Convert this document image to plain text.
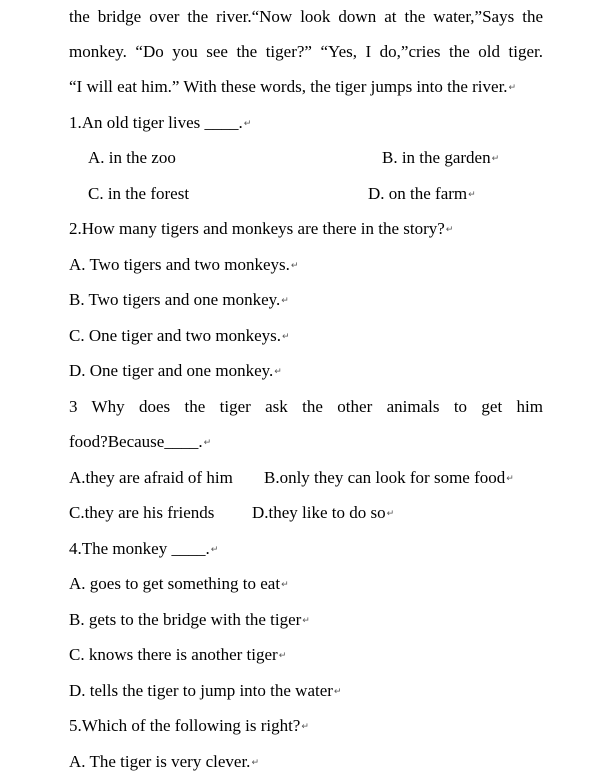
the bridge over the river.“Now look down at the water,”Says the
monkey. “Do you see the tiger?” “Yes, I do,”cries the old tiger.
“I will eat him.” With these words, the tiger jumps into the river.↵
1.An old tiger lives ____.↵
A. in the zoo	B. in the garden↵
C. in the forest	D. on the farm↵
2.How many tigers and monkeys are there in the story?↵
A. Two tigers and two monkeys.↵
B. Two tigers and one monkey.↵
C. One tiger and two monkeys.↵
D. One tiger and one monkey.↵
3 Why does the tiger ask the other animals to get him
food?Because____.↵
A.they are afraid of him B.only they can look for some food↵
C.they are his friends D.they like to do so↵
4.The monkey ____.↵
A. goes to get something to eat↵
B. gets to the bridge with the tiger↵
C. knows there is another tiger↵
D. tells the tiger to jump into the water↵
5.Which of the following is right?↵
A. The tiger is very clever.↵
